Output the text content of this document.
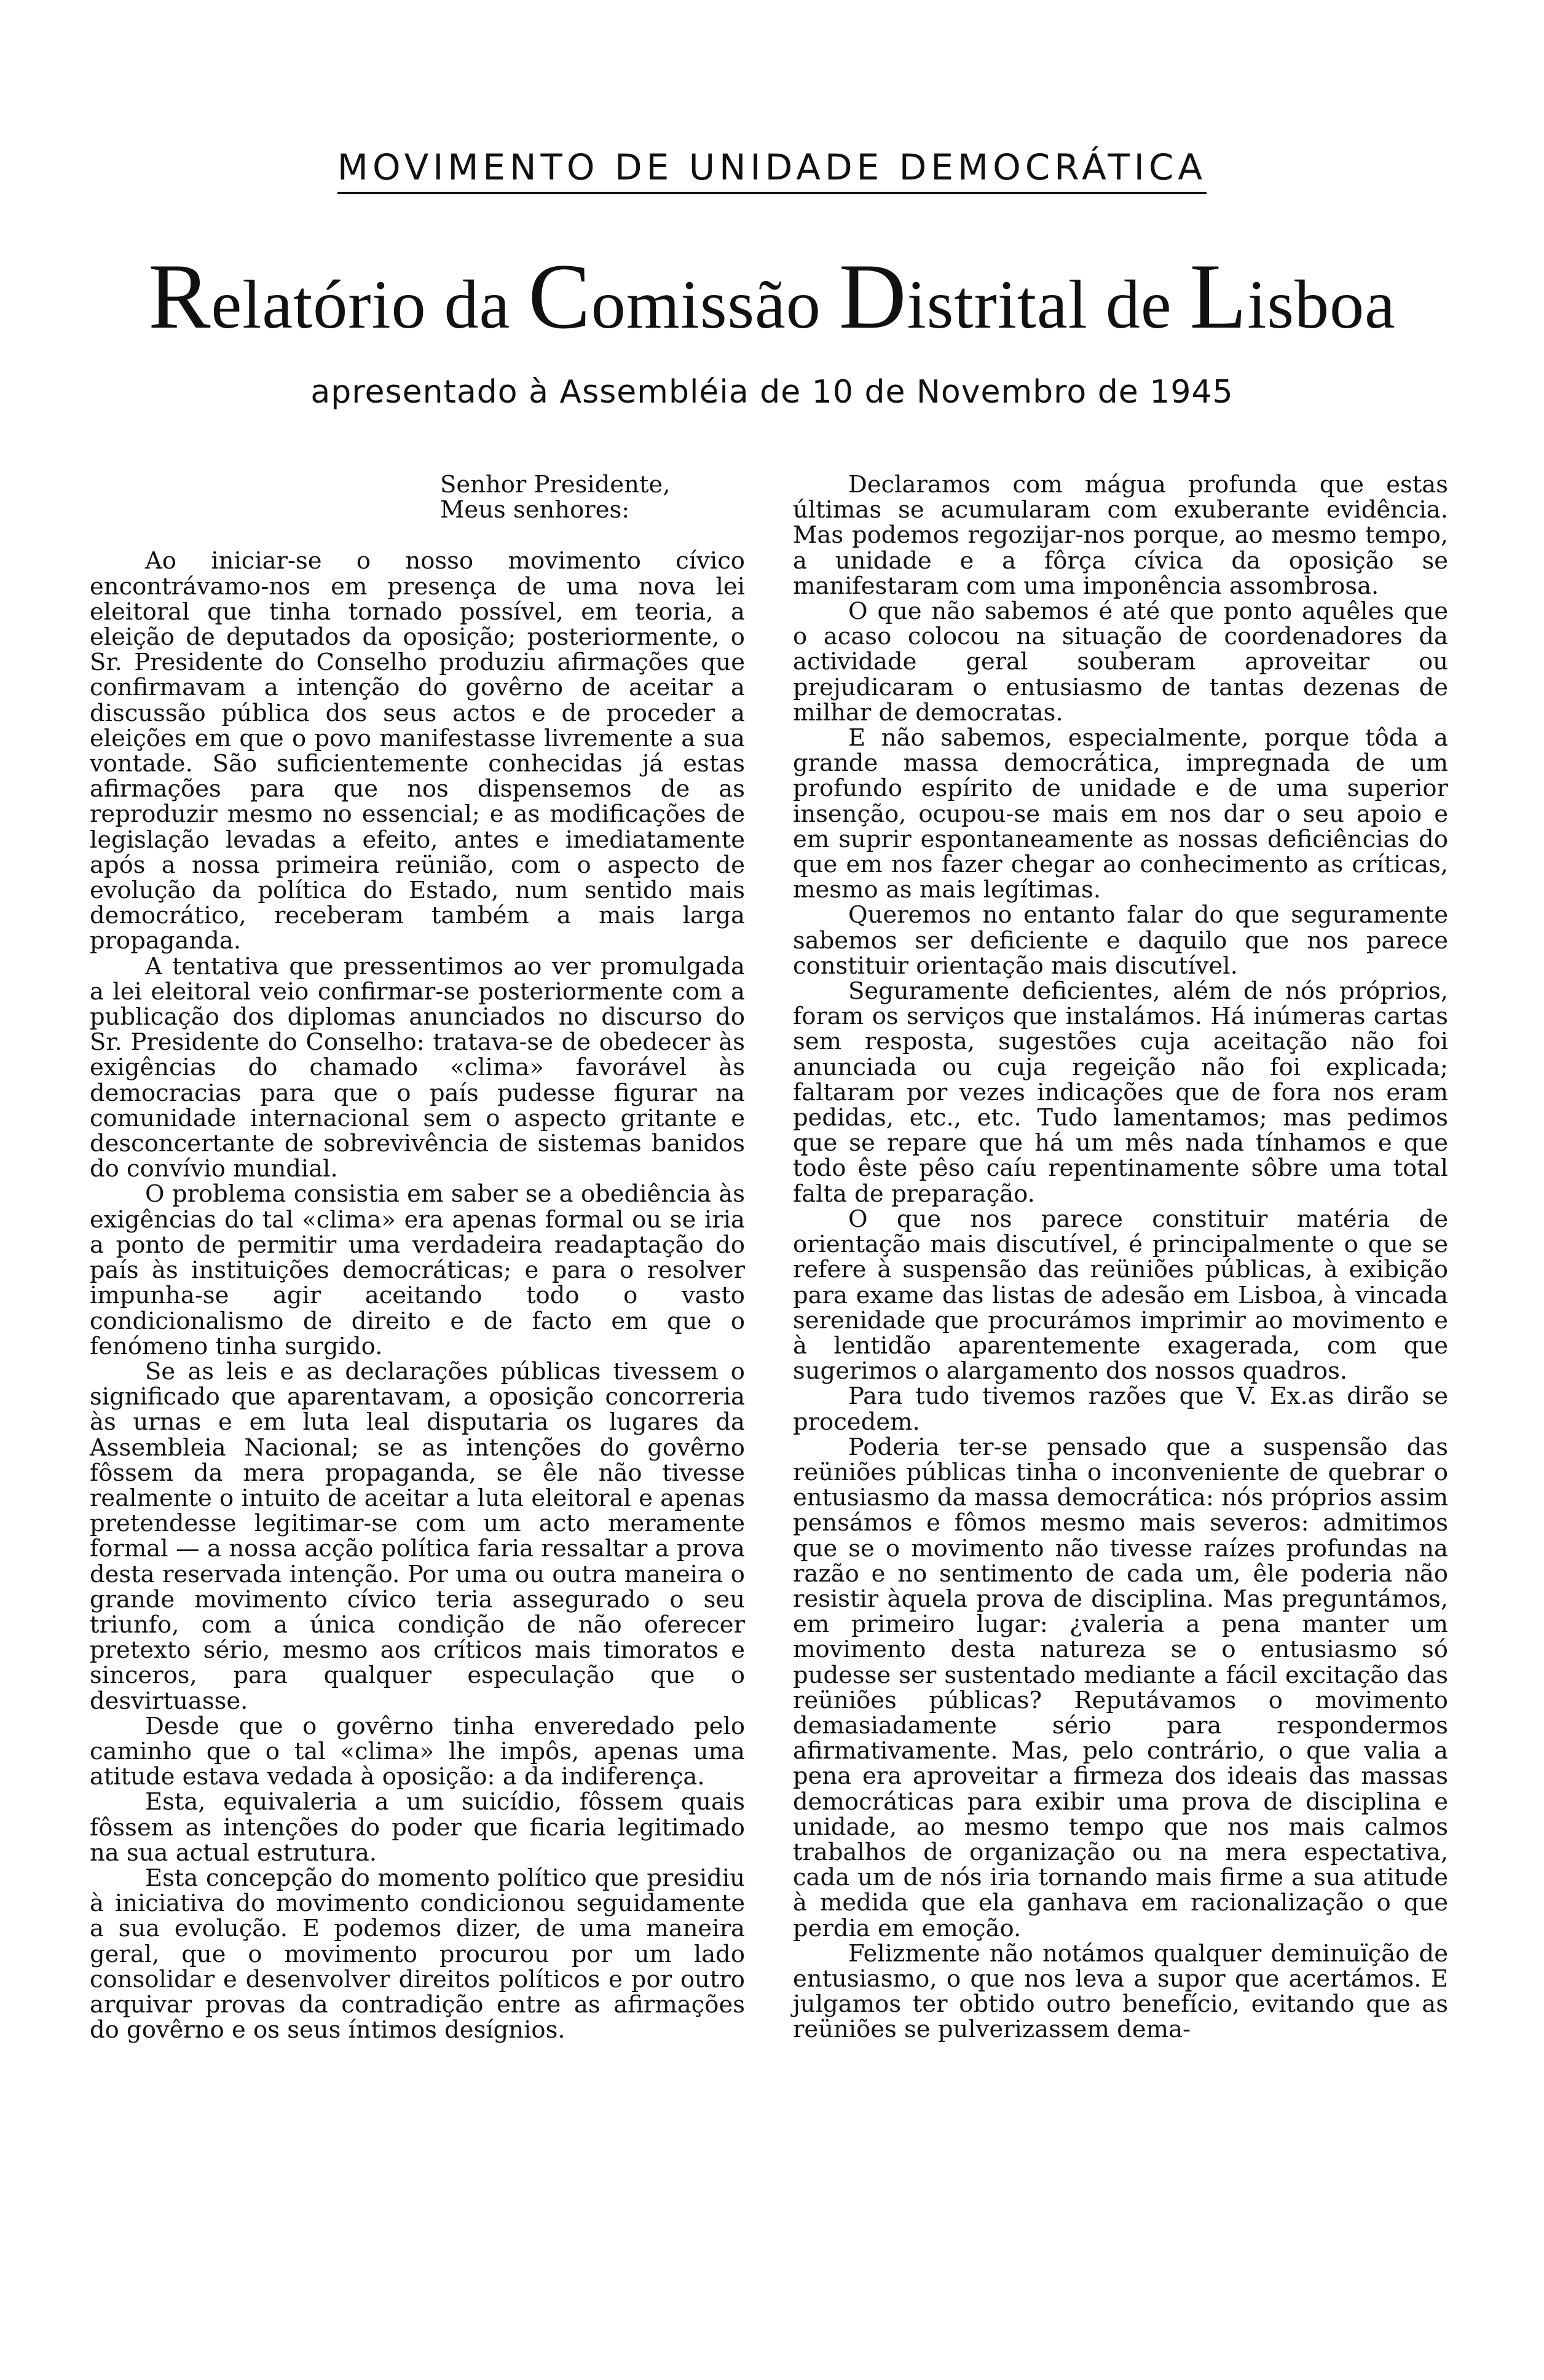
MOVIMENTO DE UNIDADE DEMOCRÁTICA
Relatório da Comissão Distrital de Lisboa
apresentado à Assembléia de 10 de Novembro de 1945

Senhor Presidente,

Meus senhores:

Ao iniciar-se o nosso movimento cívico encontrávamo-nos em presença de uma nova lei eleitoral que tinha tornado possível, em teoria, a eleição de deputados da oposição; posteriormente, o Sr. Presidente do Conselho produziu afirmações que confirmavam a intenção do govêrno de aceitar a discussão pública dos seus actos e de proceder a eleições em que o povo manifestasse livremente a sua vontade. São suficientemente conhecidas já estas afirmações para que nos dispensemos de as reproduzir mesmo no essencial; e as modificações de legislação levadas a efeito, antes e imediatamente após a nossa primeira reünião, com o aspecto de evolução da política do Estado, num sentido mais democrático, receberam também a mais larga propaganda.

A tentativa que pressentimos ao ver promulgada a lei eleitoral veio confirmar-se posteriormente com a publicação dos diplomas anunciados no discurso do Sr. Presidente do Conselho: tratava-se de obedecer às exigências do chamado «clima» favorável às democracias para que o país pudesse figurar na comunidade internacional sem o aspecto gritante e desconcertante de sobrevivência de sistemas banidos do convívio mundial.

O problema consistia em saber se a obediência às exigências do tal «clima» era apenas formal ou se iria a ponto de permitir uma verdadeira readaptação do país às instituições democráticas; e para o resolver impunha-se agir aceitando todo o vasto condicionalismo de direito e de facto em que o fenómeno tinha surgido.

Se as leis e as declarações públicas tivessem o significado que aparentavam, a oposição concorreria às urnas e em luta leal disputaria os lugares da Assembleia Nacional; se as intenções do govêrno fôssem da mera propaganda, se êle não tivesse realmente o intuito de aceitar a luta eleitoral e apenas pretendesse legitimar-se com um acto meramente formal — a nossa acção política faria ressaltar a prova desta reservada intenção. Por uma ou outra maneira o grande movimento cívico teria assegurado o seu triunfo, com a única condição de não oferecer pretexto sério, mesmo aos críticos mais timoratos e sinceros, para qualquer especulação que o desvirtuasse.

Desde que o govêrno tinha enveredado pelo caminho que o tal «clima» lhe impôs, apenas uma atitude estava vedada à oposição: a da indiferença.

Esta, equivaleria a um suicídio, fôssem quais fôssem as intenções do poder que ficaria legitimado na sua actual estrutura.

Esta concepção do momento político que presidiu à iniciativa do movimento condicionou seguidamente a sua evolução. E podemos dizer, de uma maneira geral, que o movimento procurou por um lado consolidar e desenvolver direitos políticos e por outro arquivar provas da contradição entre as afirmações do govêrno e os seus íntimos desígnios.

Declaramos com mágua profunda que estas últimas se acumularam com exuberante evidência. Mas podemos regozijar-nos porque, ao mesmo tempo, a unidade e a fôrça cívica da oposição se manifestaram com uma imponência assombrosa.

O que não sabemos é até que ponto aquêles que o acaso colocou na situação de coordenadores da actividade geral souberam aproveitar ou prejudicaram o entusiasmo de tantas dezenas de milhar de democratas.

E não sabemos, especialmente, porque tôda a grande massa democrática, impregnada de um profundo espírito de unidade e de uma superior insenção, ocupou-se mais em nos dar o seu apoio e em suprir espontaneamente as nossas deficiências do que em nos fazer chegar ao conhecimento as críticas, mesmo as mais legítimas.

Queremos no entanto falar do que seguramente sabemos ser deficiente e daquilo que nos parece constituir orientação mais discutível.

Seguramente deficientes, além de nós próprios, foram os serviços que instalámos. Há inúmeras cartas sem resposta, sugestões cuja aceitação não foi anunciada ou cuja regeição não foi explicada; faltaram por vezes indicações que de fora nos eram pedidas, etc., etc. Tudo lamentamos; mas pedimos que se repare que há um mês nada tínhamos e que todo êste pêso caíu repentinamente sôbre uma total falta de preparação.

O que nos parece constituir matéria de orientação mais discutível, é principalmente o que se refere à suspensão das reüniões públicas, à exibição para exame das listas de adesão em Lisboa, à vincada serenidade que procurámos imprimir ao movimento e à lentidão aparentemente exagerada, com que sugerimos o alargamento dos nossos quadros.

Para tudo tivemos razões que V. Ex.as dirão se procedem.

Poderia ter-se pensado que a suspensão das reüniões públicas tinha o inconveniente de quebrar o entusiasmo da massa democrática: nós próprios assim pensámos e fômos mesmo mais severos: admitimos que se o movimento não tivesse raízes profundas na razão e no sentimento de cada um, êle poderia não resistir àquela prova de disciplina. Mas preguntámos, em primeiro lugar: ¿valeria a pena manter um movimento desta natureza se o entusiasmo só pudesse ser sustentado mediante a fácil excitação das reüniões públicas? Reputávamos o movimento demasiadamente sério para respondermos afirmativamente. Mas, pelo contrário, o que valia a pena era aproveitar a firmeza dos ideais das massas democráticas para exibir uma prova de disciplina e unidade, ao mesmo tempo que nos mais calmos trabalhos de organização ou na mera espectativa, cada um de nós iria tornando mais firme a sua atitude à medida que ela ganhava em racionalização o que perdia em emoção.

Felizmente não notámos qualquer deminuïção de entusiasmo, o que nos leva a supor que acertámos. E julgamos ter obtido outro benefício, evitando que as reüniões se pulverizassem dema-
